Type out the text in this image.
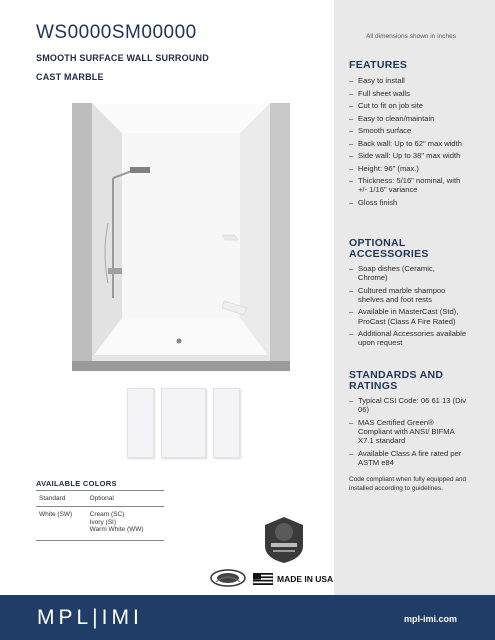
WS0000SM00000	All dimensions shown in inches
SMOOTH SURFACE WALL SURROUND
CAST MARBLE
FEATURES
– Easy to install
– Full sheet walls
– Cut to fit on job site
– Easy to clean/maintain
– Smooth surface
– Back wall: Up to 62" max width
– Side wall: Up to 38" max width
– Height: 96" (max.)
– Thickness: 5/16" nominal, with +/- 1/16" variance
– Gloss finish
OPTIONAL
ACCESSORIES
– Soap dishes (Ceramic, Chrome)
– Cultured marble shampoo shelves and foot rests
– Available in MasterCast (Std), ProCast (Class A Fire Rated)
– Additional Accessories available upon request
STANDARDS AND
RATINGS
– Typical CSI Code: 06 61 13 (Div 06)
– MAS Certified Green® Compliant with ANSI/ BIFMA X7.1 standard
– Available Class A fire rated per ASTM e84
Code compliant when fully equipped and installed according to guidelines.
AVAILABLE COLORS
Standard	Optional
White (SW)	Cream (SC)
Ivory (SI)
Warm White (WW)
MADE IN USA
MPL|IMI	mpl-imi.com
